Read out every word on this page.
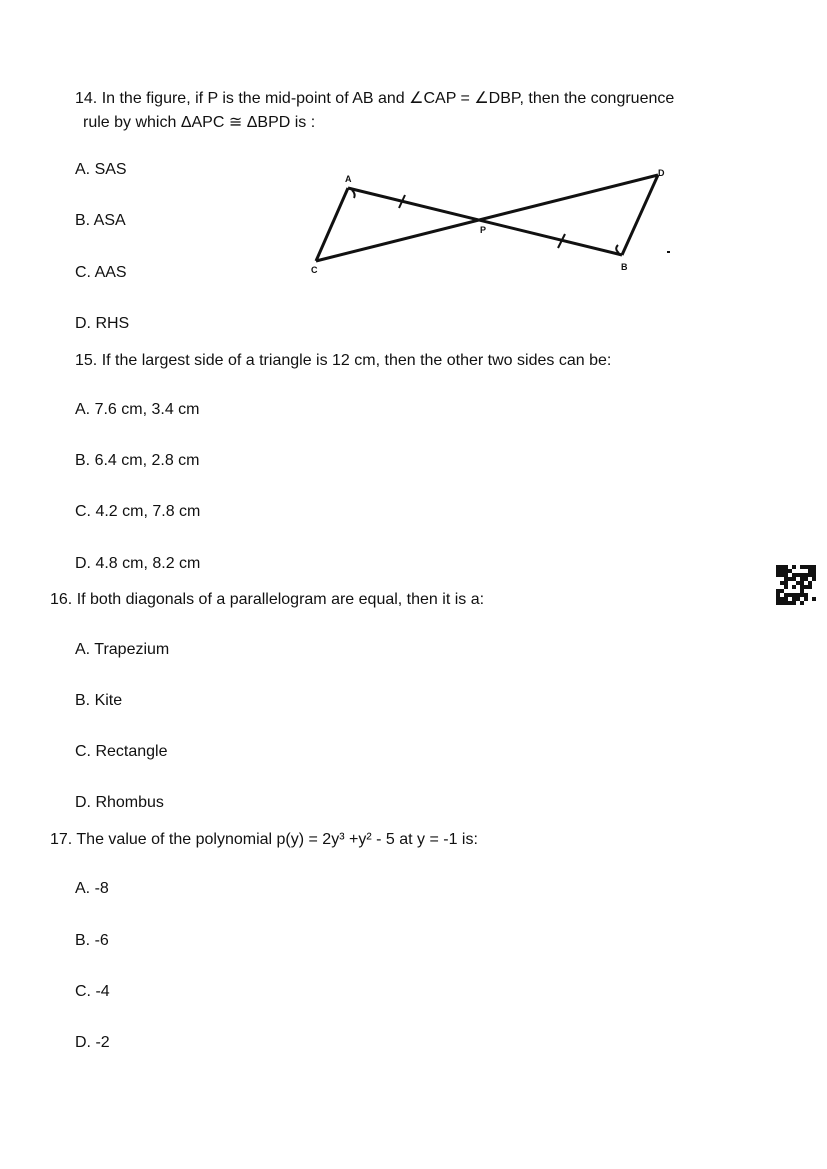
14. In the figure, if P is the mid-point of AB and ∠CAP = ∠DBP, then the congruence
rule by which ΔAPC ≅ ΔBPD is :
A. SAS
B. ASA
C. AAS
D. RHS
A
D
P
C	B
15. If the largest side of a triangle is 12 cm, then the other two sides can be:
A. 7.6 cm, 3.4 cm
B. 6.4 cm, 2.8 cm
C. 4.2 cm, 7.8 cm
D. 4.8 cm, 8.2 cm
16. If both diagonals of a parallelogram are equal, then it is a:
A. Trapezium
B. Kite
C. Rectangle
D. Rhombus
17. The value of the polynomial p(y) = 2y³ +y² - 5 at y = -1 is:
A. -8
B. -6
C. -4
D. -2
